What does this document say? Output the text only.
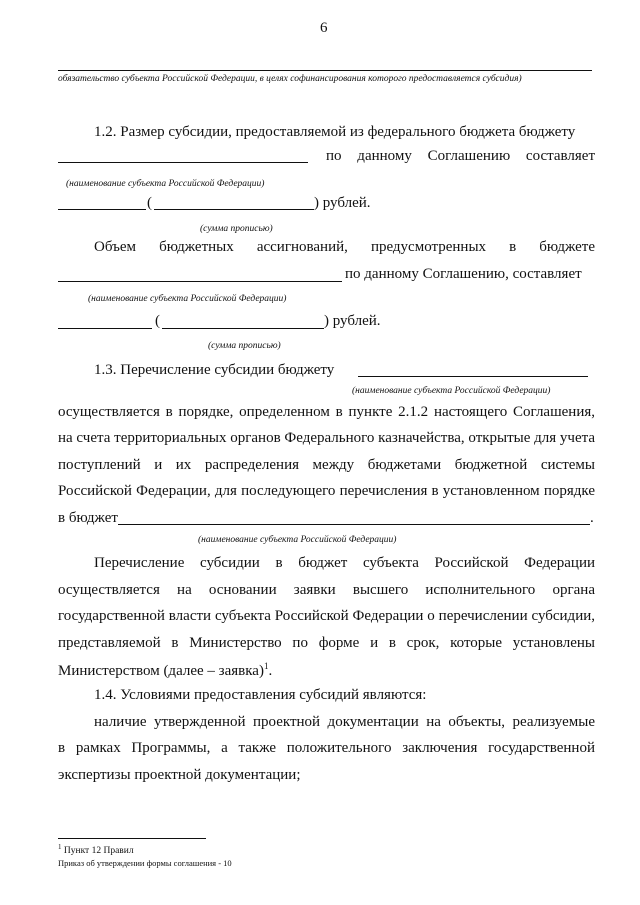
6
обязательство субъекта Российской Федерации, в целях софинансирования которого предоставляется субсидия)
1.2. Размер субсидии, предоставляемой из федерального бюджета бюджету
по данному Соглашению составляет
(наименование субъекта Российской Федерации)
(	) рублей.
(сумма прописью)
Объем бюджетных ассигнований, предусмотренных в бюджете
по данному Соглашению, составляет
(наименование субъекта Российской Федерации)
(	) рублей.
(сумма прописью)
1.3. Перечисление субсидии бюджету
(наименование субъекта Российской Федерации)
осуществляется в порядке, определенном в пункте 2.1.2 настоящего Соглашения,
на счета территориальных органов Федерального казначейства, открытые для учета
поступлений и их распределения между бюджетами бюджетной системы
Российской Федерации, для последующего перечисления в установленном порядке
в бюджет	.
(наименование субъекта Российской Федерации)
Перечисление субсидии в бюджет субъекта Российской Федерации
осуществляется на основании заявки высшего исполнительного органа
государственной власти субъекта Российской Федерации о перечислении субсидии,
представляемой в Министерство по форме и в срок, которые установлены
Министерством (далее – заявка)$^1$.
1.4. Условиями предоставления субсидий являются:
наличие утвержденной проектной документации на объекты, реализуемые
в рамках Программы, а также положительного заключения государственной
экспертизы проектной документации;
$^1$ Пункт 12 Правил
Приказ об утверждении формы соглашения - 10
